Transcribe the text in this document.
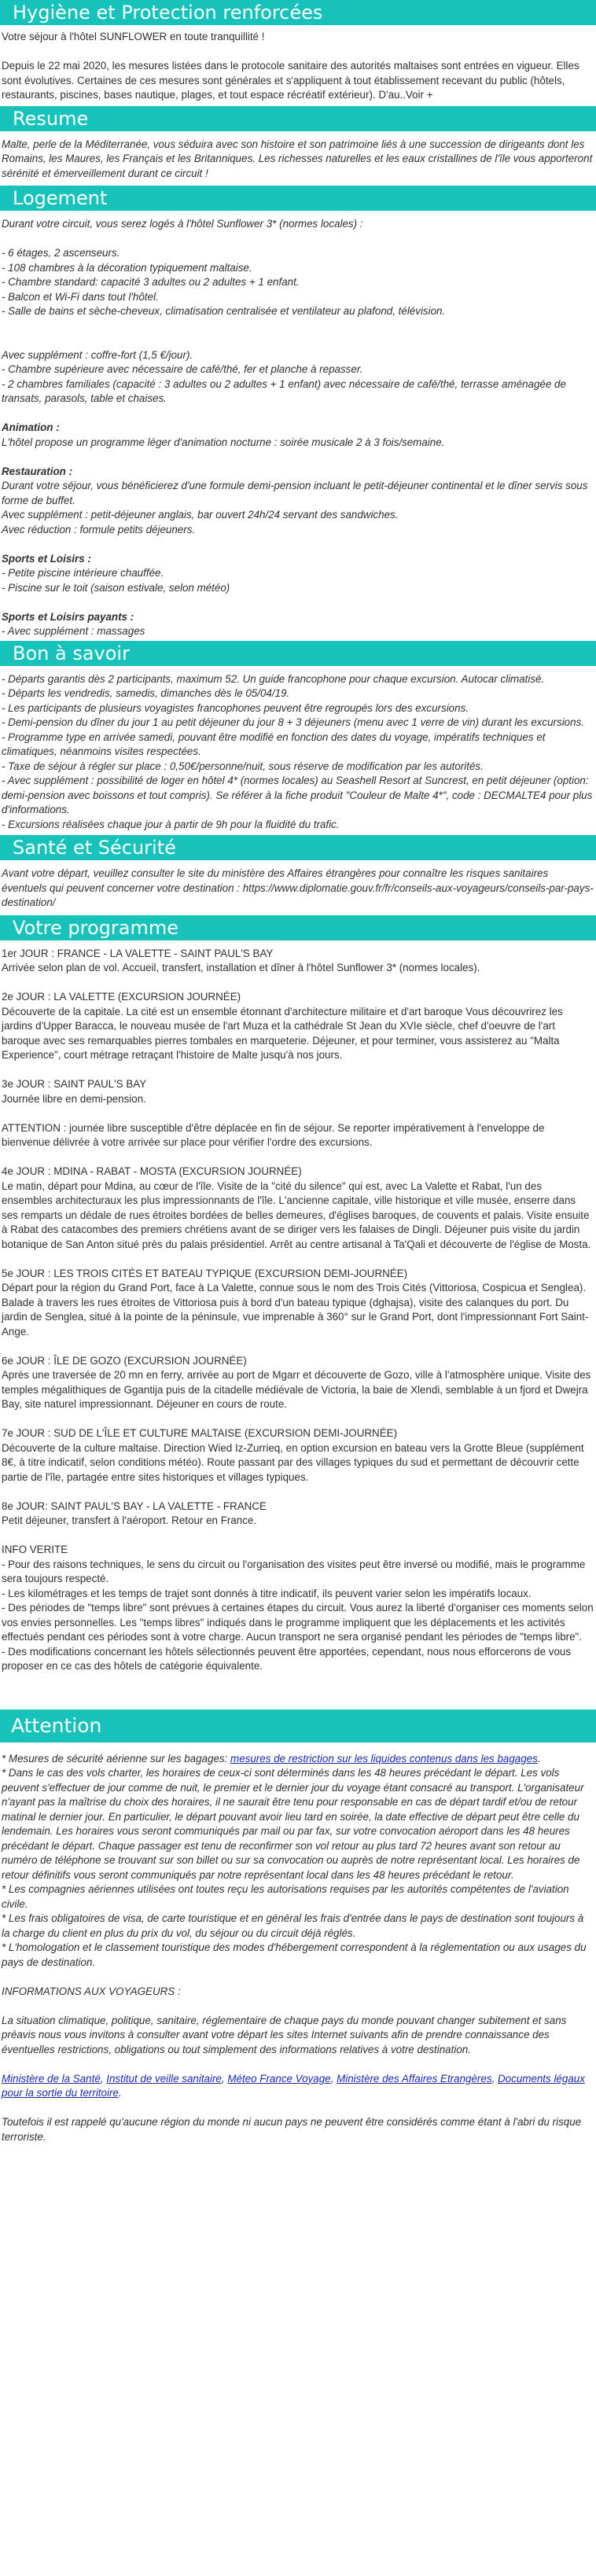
Hygiène et Protection renforcées

Votre séjour à l'hôtel SUNFLOWER en toute tranquillité !

Depuis le 22 mai 2020, les mesures listées dans le protocole sanitaire des autorités maltaises sont entrées en vigueur. Elles sont évolutives. Certaines de ces mesures sont générales et s'appliquent à tout établissement recevant du public (hôtels, restaurants, piscines, bases nautique, plages, et tout espace récréatif extérieur). D'au..Voir +

Resume

Malte, perle de la Méditerranée, vous séduira avec son histoire et son patrimoine liés à une succession de dirigeants dont les Romains, les Maures, les Français et les Britanniques. Les richesses naturelles et les eaux cristallines de l'île vous apporteront sérénité et émerveillement durant ce circuit !

Logement

Durant votre circuit, vous serez logés à l'hôtel Sunflower 3* (normes locales) :

- 6 étages, 2 ascenseurs.
- 108 chambres à la décoration typiquement maltaise.
- Chambre standard: capacité 3 adultes ou 2 adultes + 1 enfant.
- Balcon et Wi-Fi dans tout l'hôtel.
- Salle de bains et sèche-cheveux, climatisation centralisée et ventilateur au plafond, télévision.
Avec supplément : coffre-fort (1,5 €/jour).
- Chambre supérieure avec nécessaire de café/thé, fer et planche à repasser.
- 2 chambres familiales (capacité : 3 adultes ou 2 adultes + 1 enfant) avec nécessaire de café/thé, terrasse aménagée de transats, parasols, table et chaises.

Animation :

L'hôtel propose un programme léger d'animation nocturne : soirée musicale 2 à 3 fois/semaine.

Restauration :

Durant votre séjour, vous bénéficierez d'une formule demi-pension incluant le petit-déjeuner continental et le dîner servis sous forme de buffet.
Avec supplément : petit-déjeuner anglais, bar ouvert 24h/24 servant des sandwiches.
Avec réduction : formule petits déjeuners.

Sports et Loisirs :

- Petite piscine intérieure chauffée.
- Piscine sur le toit (saison estivale, selon météo)

Sports et Loisirs payants :

- Avec supplément : massages
Bon à savoir
- Départs garantis dès 2 participants, maximum 52. Un guide francophone pour chaque excursion. Autocar climatisé.
- Départs les vendredis, samedis, dimanches dès le 05/04/19.
- Les participants de plusieurs voyagistes francophones peuvent être regroupés lors des excursions.
- Demi-pension du dîner du jour 1 au petit déjeuner du jour 8 + 3 déjeuners (menu avec 1 verre de vin) durant les excursions.
- Programme type en arrivée samedi, pouvant être modifié en fonction des dates du voyage, impératifs techniques et climatiques, néanmoins visites respectées.
- Taxe de séjour à régler sur place : 0,50€/personne/nuit, sous réserve de modification par les autorités.
- Avec supplément : possibilité de loger en hôtel 4* (normes locales) au Seashell Resort at Suncrest, en petit déjeuner (option: demi-pension avec boissons et tout compris). Se référer à la fiche produit "Couleur de Malte 4*", code : DECMALTE4 pour plus d'informations.
- Excursions réalisées chaque jour à partir de 9h pour la fluidité du trafic.
Santé et Sécurité

Avant votre départ, veuillez consulter le site du ministère des Affaires étrangères pour connaître les risques sanitaires éventuels qui peuvent concerner votre destination : https://www.diplomatie.gouv.fr/fr/conseils-aux-voyageurs/conseils-par-pays-destination/

Votre programme

1er JOUR : FRANCE - LA VALETTE - SAINT PAUL'S BAY

Arrivée selon plan de vol. Accueil, transfert, installation et dîner à l'hôtel Sunflower 3* (normes locales).

2e JOUR : LA VALETTE (EXCURSION JOURNÉE)

Découverte de la capitale. La cité est un ensemble étonnant d'architecture militaire et d'art baroque Vous découvrirez les jardins d'Upper Baracca, le nouveau musée de l'art Muza et la cathédrale St Jean du XVIe siècle, chef d'oeuvre de l'art baroque avec ses remarquables pierres tombales en marqueterie. Déjeuner, et pour terminer, vous assisterez au "Malta Experience", court métrage retraçant l'histoire de Malte jusqu'à nos jours.

3e JOUR : SAINT PAUL'S BAY

Journée libre en demi-pension.

ATTENTION : journée libre susceptible d'être déplacée en fin de séjour. Se reporter impérativement à l'enveloppe de bienvenue délivrée à votre arrivée sur place pour vérifier l'ordre des excursions.

4e JOUR : MDINA - RABAT - MOSTA (EXCURSION JOURNÉE)

Le matin, départ pour Mdina, au cœur de l'île. Visite de la "cité du silence" qui est, avec La Valette et Rabat, l'un des ensembles architecturaux les plus impressionnants de l'île. L'ancienne capitale, ville historique et ville musée, enserre dans ses remparts un dédale de rues étroites bordées de belles demeures, d'églises baroques, de couvents et palais. Visite ensuite à Rabat des catacombes des premiers chrétiens avant de se diriger vers les falaises de Dingli. Déjeuner puis visite du jardin botanique de San Anton situé près du palais présidentiel. Arrêt au centre artisanal à Ta'Qali et découverte de l'église de Mosta.

5e JOUR : LES TROIS CITÉS ET BATEAU TYPIQUE (EXCURSION DEMI-JOURNÉE)

Départ pour la région du Grand Port, face à La Valette, connue sous le nom des Trois Cités (Vittoriosa, Cospicua et Senglea). Balade à travers les rues étroites de Vittoriosa puis à bord d'un bateau typique (dghajsa), visite des calanques du port. Du jardin de Senglea, situé à la pointe de la péninsule, vue imprenable à 360° sur le Grand Port, dont l'impressionnant Fort Saint-Ange.

6e JOUR : ÎLE DE GOZO (EXCURSION JOURNÉE)

Après une traversée de 20 mn en ferry, arrivée au port de Mgarr et découverte de Gozo, ville à l'atmosphère unique. Visite des temples mégalithiques de Ggantija puis de la citadelle médiévale de Victoria, la baie de Xlendi, semblable à un fjord et Dwejra Bay, site naturel impressionnant. Déjeuner en cours de route.

7e JOUR : SUD DE L'ÎLE ET CULTURE MALTAISE (EXCURSION DEMI-JOURNÉE)

Découverte de la culture maltaise. Direction Wied Iz-Zurrieq, en option excursion en bateau vers la Grotte Bleue (supplément 8€, à titre indicatif, selon conditions météo). Route passant par des villages typiques du sud et permettant de découvrir cette partie de l'île, partagée entre sites historiques et villages typiques.

8e JOUR: SAINT PAUL'S BAY - LA VALETTE - FRANCE

Petit déjeuner, transfert à l'aéroport. Retour en France.

INFO VERITE

- Pour des raisons techniques, le sens du circuit ou l'organisation des visites peut être inversé ou modifié, mais le programme sera toujours respecté.
- Les kilométrages et les temps de trajet sont donnés à titre indicatif, ils peuvent varier selon les impératifs locaux.
- Des périodes de "temps libre" sont prévues à certaines étapes du circuit. Vous aurez la liberté d'organiser ces moments selon vos envies personnelles. Les "temps libres" indiqués dans le programme impliquent que les déplacements et les activités effectués pendant ces périodes sont à votre charge. Aucun transport ne sera organisé pendant les périodes de "temps libre".
- Des modifications concernant les hôtels sélectionnés peuvent être apportées, cependant, nous nous efforcerons de vous proposer en ce cas des hôtels de catégorie équivalente.
Attention

* Mesures de sécurité aérienne sur les bagages: mesures de restriction sur les liquides contenus dans les bagages.

* Dans le cas des vols charter, les horaires de ceux-ci sont déterminés dans les 48 heures précédant le départ. Les vols peuvent s'effectuer de jour comme de nuit, le premier et le dernier jour du voyage étant consacré au transport. L'organisateur n'ayant pas la maîtrise du choix des horaires, il ne saurait être tenu pour responsable en cas de départ tardif et/ou de retour matinal le dernier jour. En particulier, le départ pouvant avoir lieu tard en soirée, la date effective de départ peut être celle du lendemain. Les horaires vous seront communiqués par mail ou par fax, sur votre convocation aéroport dans les 48 heures précédant le départ. Chaque passager est tenu de reconfirmer son vol retour au plus tard 72 heures avant son retour au numéro de téléphone se trouvant sur son billet ou sur sa convocation ou auprès de notre représentant local. Les horaires de retour définitifs vous seront communiqués par notre représentant local dans les 48 heures précédant le retour.

* Les compagnies aériennes utilisées ont toutes reçu les autorisations requises par les autorités compétentes de l'aviation civile.

* Les frais obligatoires de visa, de carte touristique et en général les frais d'entrée dans le pays de destination sont toujours à la charge du client en plus du prix du vol, du séjour ou du circuit déjà réglés.

* L'homologation et le classement touristique des modes d'hébergement correspondent à la réglementation ou aux usages du pays de destination.

INFORMATIONS AUX VOYAGEURS :

La situation climatique, politique, sanitaire, réglementaire de chaque pays du monde pouvant changer subitement et sans préavis nous vous invitons à consulter avant votre départ les sites Internet suivants afin de prendre connaissance des éventuelles restrictions, obligations ou tout simplement des informations relatives à votre destination.

Ministère de la Santé, Institut de veille sanitaire, Méteo France Voyage, Ministère des Affaires Etrangères, Documents légaux pour la sortie du territoire.

Toutefois il est rappelé qu'aucune région du monde ni aucun pays ne peuvent être considérés comme étant à l'abri du risque terroriste.
